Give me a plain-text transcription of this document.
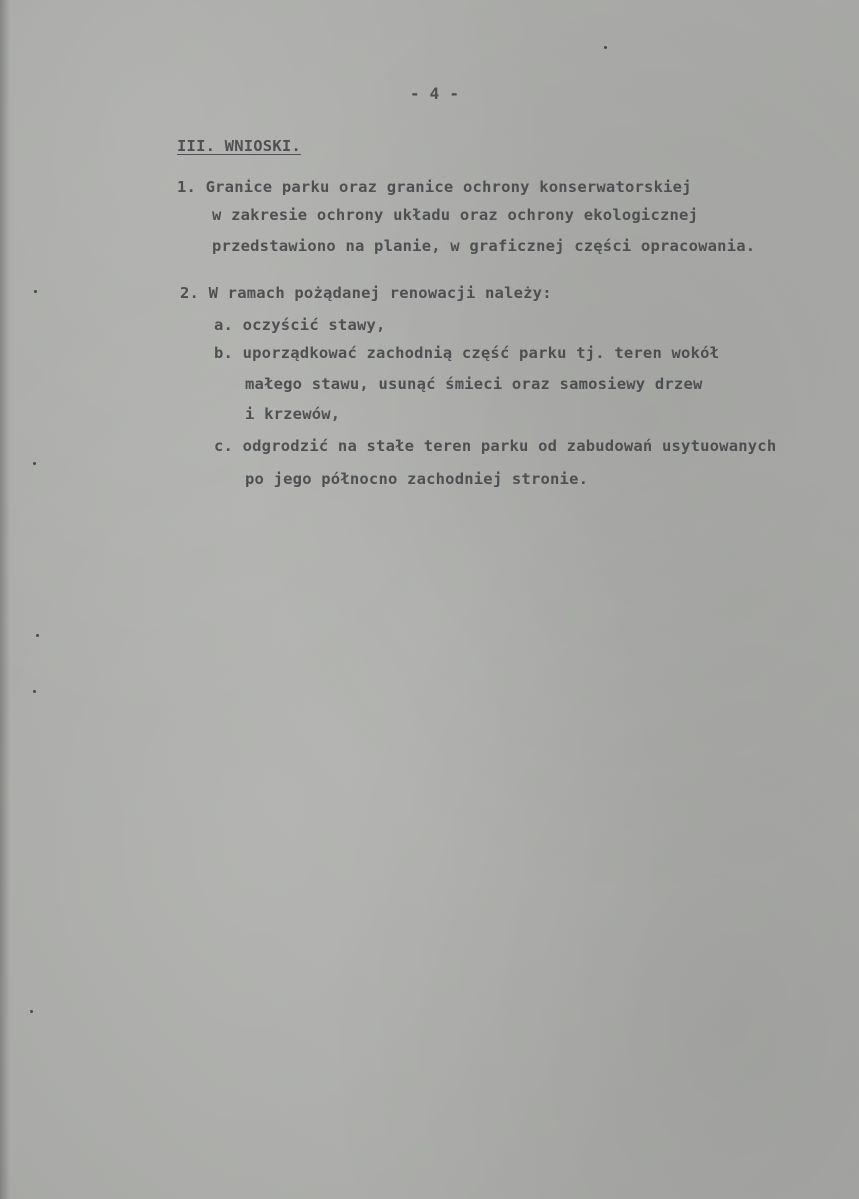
- 4 -
III. WNIOSKI.
1. Granice parku oraz granice ochrony konserwatorskiej
w zakresie ochrony układu oraz ochrony ekologicznej
przedstawiono na planie, w graficznej części opracowania.
2. W ramach pożądanej renowacji należy:
a. oczyścić stawy,
b. uporządkować zachodnią część parku tj. teren wokół
małego stawu, usunąć śmieci oraz samosiewy drzew
i krzewów,
c. odgrodzić na stałe teren parku od zabudowań usytuowanych
po jego północno zachodniej stronie.
